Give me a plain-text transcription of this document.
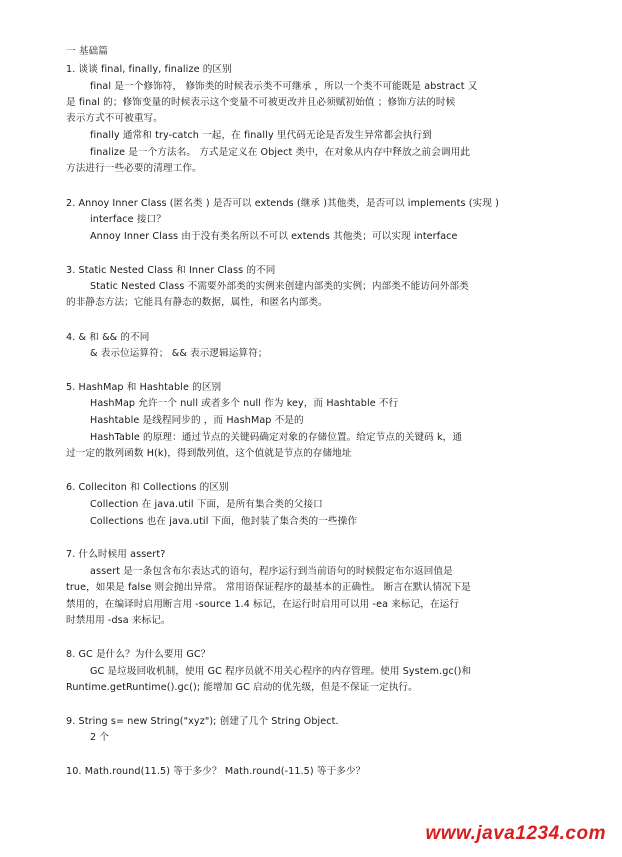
一 基础篇
1. 谈谈 final, finally, finalize 的区别
final 是一个修饰符， 修饰类的时候表示类不可继承 ，所以一个类不可能既是 abstract 又
是 final 的；修饰变量的时候表示这个变量不可被更改并且必须赋初始值 ；修饰方法的时候
表示方式不可被重写。
finally 通常和 try-catch 一起，在 finally 里代码无论是否发生异常都会执行到
finalize 是一个方法名。 方式是定义在 Object 类中，在对象从内存中释放之前会调用此
方法进行一些必要的清理工作。
2. Annoy Inner Class (匿名类 ) 是否可以 extends (继承 )其他类，是否可以 implements (实现 )
interface 接口？
Annoy Inner Class 由于没有类名所以不可以 extends 其他类；可以实现 interface
3. Static Nested Class 和 Inner Class 的不同
Static Nested Class 不需要外部类的实例来创建内部类的实例；内部类不能访问外部类
的非静态方法；它能具有静态的数据，属性，和匿名内部类。
4. & 和 && 的不同
& 表示位运算符； && 表示逻辑运算符；
5. HashMap 和 Hashtable 的区别
HashMap 允许一个 null 或者多个 null 作为 key，而 Hashtable 不行
Hashtable 是线程同步的 ，而 HashMap 不是的
HashTable 的原理：通过节点的关键码确定对象的存储位置。给定节点的关键码 k，通
过一定的散列函数 H(k)，得到散列值，这个值就是节点的存储地址
6. Colleciton 和 Collections 的区别
Collection 在 java.util 下面，是所有集合类的父接口
Collections 也在 java.util 下面，他封装了集合类的一些操作
7. 什么时候用 assert?
assert 是一条包含布尔表达式的语句，程序运行到当前语句的时候假定布尔返回值是
true，如果是 false 则会抛出异常。 常用语保证程序的最基本的正确性。 断言在默认情况下是
禁用的，在编译时启用断言用 -source 1.4 标记，在运行时启用可以用 -ea 来标记，在运行
时禁用用 -dsa 来标记。
8. GC 是什么？为什么要用 GC？
GC 是垃圾回收机制，使用 GC 程序员就不用关心程序的内存管理。使用 System.gc()和
Runtime.getRuntime().gc(); 能增加 GC 启动的优先级，但是不保证一定执行。
9. String s= new String("xyz"); 创建了几个 String Object.
2 个
10. Math.round(11.5) 等于多少？ Math.round(-11.5) 等于多少？
www.java1234.com
